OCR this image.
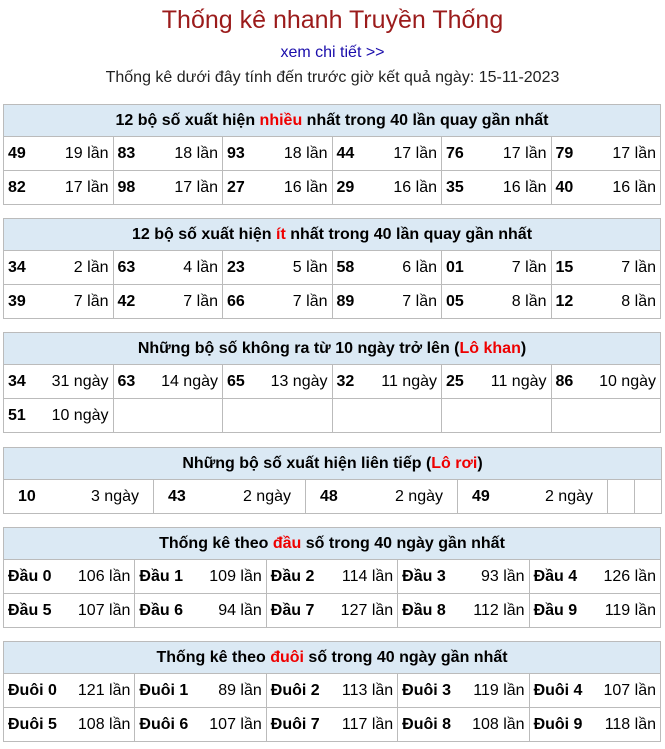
Thống kê nhanh Truyền Thống
xem chi tiết >>
Thống kê dưới đây tính đến trước giờ kết quả ngày: 15-11-2023
12 bộ số xuất hiện nhiều nhất trong 40 lần quay gần nhất					
49 19 lần	83 18 lần	93 18 lần	44 17 lần	76 17 lần	79 17 lần

82 17 lần	98 17 lần	27 16 lần	29 16 lần	35 16 lần	40 16 lần
12 bộ số xuất hiện ít nhất trong 40 lần quay gần nhất					
34 2 lần	63 4 lần	23 5 lần	58 6 lần	01 7 lần	15 7 lần

39 7 lần	42 7 lần	66 7 lần	89 7 lần	05 8 lần	12 8 lần
Những bộ số không ra từ 10 ngày trở lên (Lô khan)					
34 31 ngày	63 14 ngày	65 13 ngày	32 11 ngày	25 11 ngày	86 10 ngày

51 10 ngày					

Những bộ số xuất hiện liên tiếp (Lô rơi)
10	3 ngày	43	2 ngày	48	2 ngày	49	2 ngày

Thống kê theo đầu số trong 40 ngày gần nhất				
Đầu 0 106 lần	Đầu 1 109 lần	Đầu 2 114 lần	Đầu 3 93 lần	Đầu 4 126 lần

Đầu 5 107 lần	Đầu 6 94 lần	Đầu 7 127 lần	Đầu 8 112 lần	Đầu 9 119 lần
Thống kê theo đuôi số trong 40 ngày gần nhất				
Đuôi 0 121 lần	Đuôi 1 89 lần	Đuôi 2 113 lần	Đuôi 3 119 lần	Đuôi 4 107 lần

Đuôi 5 108 lần	Đuôi 6 107 lần	Đuôi 7 117 lần	Đuôi 8 108 lần	Đuôi 9 118 lần
